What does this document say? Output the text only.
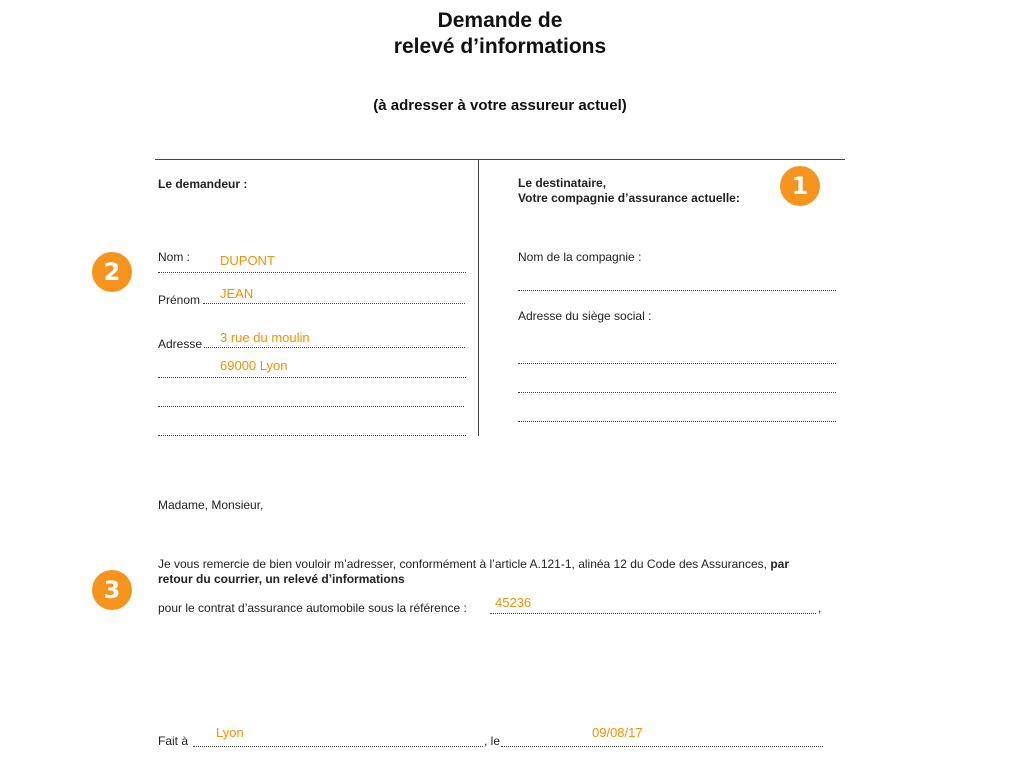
Demande de
relevé d’informations
(à adresser à votre assureur actuel)
1
2
3
Le demandeur :
Nom : DUPONT
Prénom JEAN
Adresse 3 rue du moulin
69000 Lyon
Le destinataire,
Votre compagnie d’assurance actuelle:
Nom de la compagnie :
Adresse du siège social :
Madame, Monsieur,
Je vous remercie de bien vouloir m’adresser, conformément à l’article A.121-1, alinéa 12 du Code des Assurances, par
retour du courrier, un relevé d’informations
pour le contrat d’assurance automobile sous la référence : 45236	,
Fait à
Lyon
, le
09/08/17
